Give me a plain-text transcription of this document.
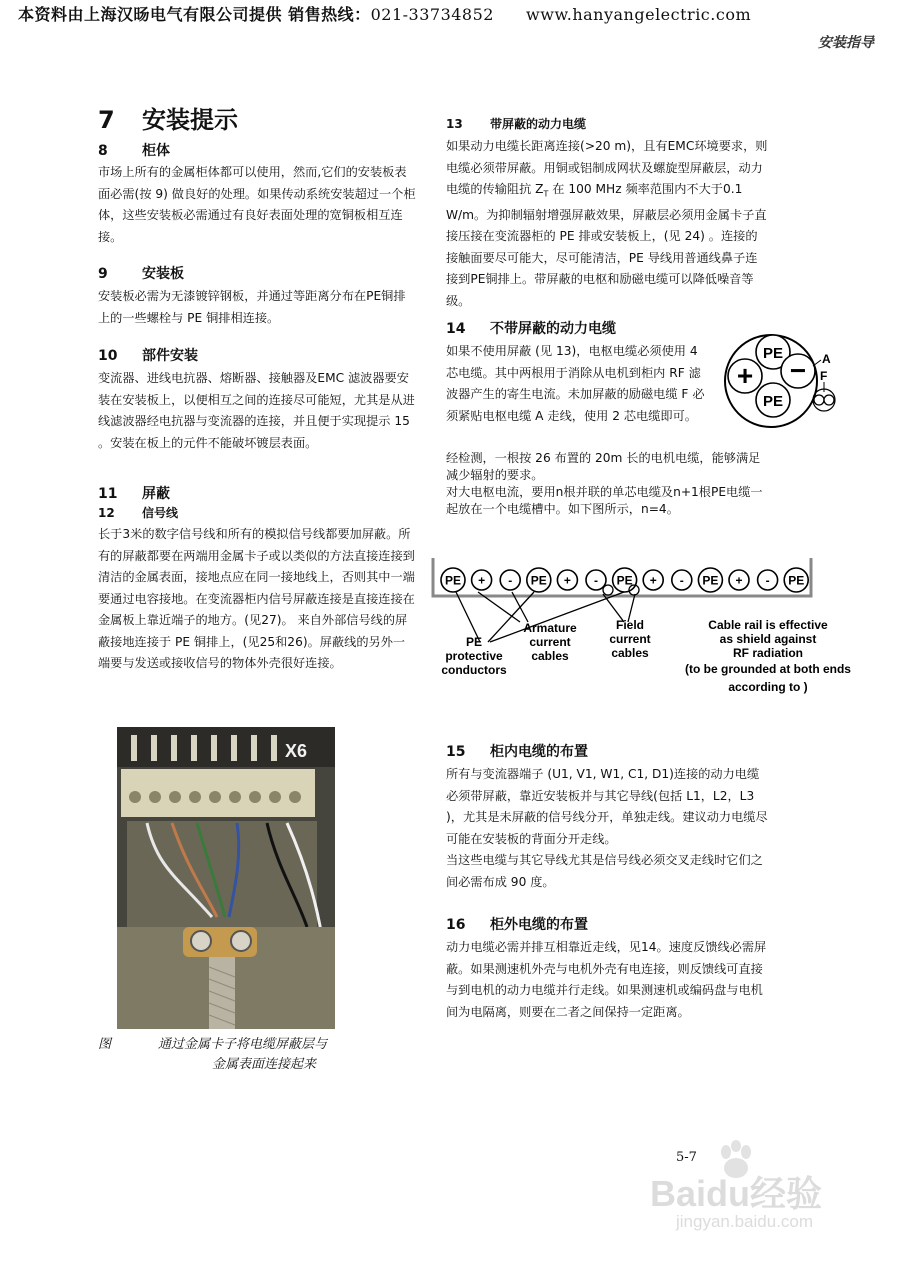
本资料由上海汉旸电气有限公司提供 销售热线：021-33734852 www.hanyangelectric.com
安装指导
7 安装提示
8 柜体
市场上所有的金属柜体都可以使用，然而,它们的安装板表面必需(按 9) 做良好的处理。如果传动系统安装超过一个柜体，这些安装板必需通过有良好表面处理的宽铜板相互连接。
9 安装板
安装板必需为无漆镀锌钢板，并通过等距离分布在PE铜排上的一些螺栓与 PE 铜排相连接。
10 部件安装
变流器、进线电抗器、熔断器、接触器及EMC 滤波器要安装在安装板上，以便相互之间的连接尽可能短，尤其是从进线滤波器经电抗器与变流器的连接，并且便于实现提示 15 。安装在板上的元件不能破坏镀层表面。
11 屏蔽
12 信号线
长于3米的数字信号线和所有的模拟信号线都要加屏蔽。所有的屏蔽都要在两端用金属卡子或以类似的方法直接连接到清洁的金属表面，接地点应在同一接地线上，否则其中一端要通过电容接地。在变流器柜内信号屏蔽连接是直接连接在金属板上靠近端子的地方。(见27)。 来自外部信号线的屏蔽接地连接于 PE 铜排上，(见25和26)。屏蔽线的另外一端要与发送或接收信号的物体外壳很好连接。
X6
图	通过金属卡子将电缆屏蔽层与
金属表面连接起来
13 带屏蔽的动力电缆
如果动力电缆长距离连接(>20 m)，且有EMC环境要求，则电缆必须带屏蔽。用铜或铝制成网状及螺旋型屏蔽层，动力电缆的传输阻抗 $Z_T$ 在 100 MHz 频率范围内不大于0.1 W/m。为抑制辐射增强屏蔽效果，屏蔽层必须用金属卡子直接压接在变流器柜的 PE 排或安装板上，(见 24) 。连接的接触面要尽可能大，尽可能清洁，PE 导线用普通线鼻子连接到PE铜排上。带屏蔽的电枢和励磁电缆可以降低噪音等级。
14 不带屏蔽的动力电缆
如果不使用屏蔽 (见 13)，电枢电缆必须使用 4 芯电缆。其中两根用于消除从电机到柜内 RF 滤波器产生的寄生电流。未加屏蔽的励磁电缆 F 必须紧贴电枢电缆 A 走线，使用 2 芯电缆即可。
经检测，一根按 26 布置的 20m 长的电机电缆，能够满足减少辐射的要求。
对大电枢电流，要用n根并联的单芯电缆及n+1根PE电缆一起放在一个电缆槽中。如下图所示，n=4。
PE
PE
+ − A
F
PE + - PE + - PE + - PE + - PE
PE
protective
conductors
Armature
current
cables
Field
current
cables
Cable rail is effective
as shield against
RF radiation
(to be grounded at both ends
according to )
15 柜内电缆的布置
所有与变流器端子 (U1, V1, W1, C1, D1)连接的动力电缆必须带屏蔽，靠近安装板并与其它导线(包括 L1，L2，L3 )，尤其是未屏蔽的信号线分开，单独走线。建议动力电缆尽可能在安装板的背面分开走线。
当这些电缆与其它导线尤其是信号线必须交叉走线时它们之间必需布成 90 度。
16 柜外电缆的布置
动力电缆必需并排互相靠近走线，见14。速度反馈线必需屏蔽。如果测速机外壳与电机外壳有电连接，则反馈线可直接与到电机的动力电缆并行走线。如果测速机或编码盘与电机间为电隔离，则要在二者之间保持一定距离。
5-7
Baidu经验
jingyan.baidu.com
